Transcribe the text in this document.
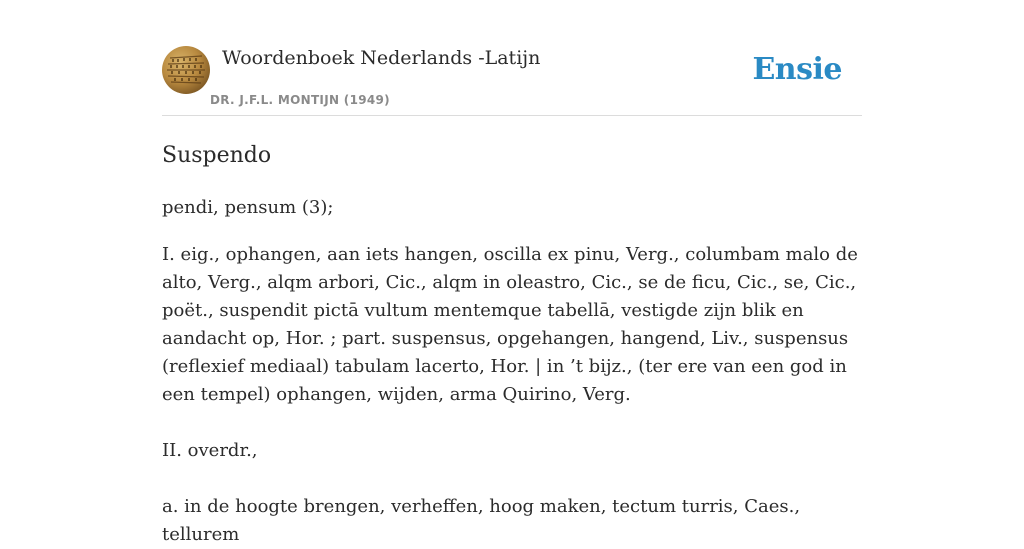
Woordenboek Nederlands -Latijn
DR. J.F.L. MONTIJN (1949)
Ensie
Suspendo

pendi, pensum (3);

I. eig., ophangen, aan iets hangen, oscilla ex pinu, Verg., columbam malo de alto, Verg., alqm arbori, Cic., alqm in oleastro, Cic., se de ficu, Cic., se, Cic., poët., suspendit pictā vultum mentemque tabellā, vestigde zijn blik en aandacht op, Hor. ; part. suspensus, opgehangen, hangend, Liv., suspensus (reflexief mediaal) tabulam lacerto, Hor. | in ’t bijz., (ter ere van een god in een tempel) ophangen, wijden, arma Quirino, Verg.

II. overdr.,

a. in de hoogte brengen, verheffen, hoog maken, tectum turris, Caes., tellurem
